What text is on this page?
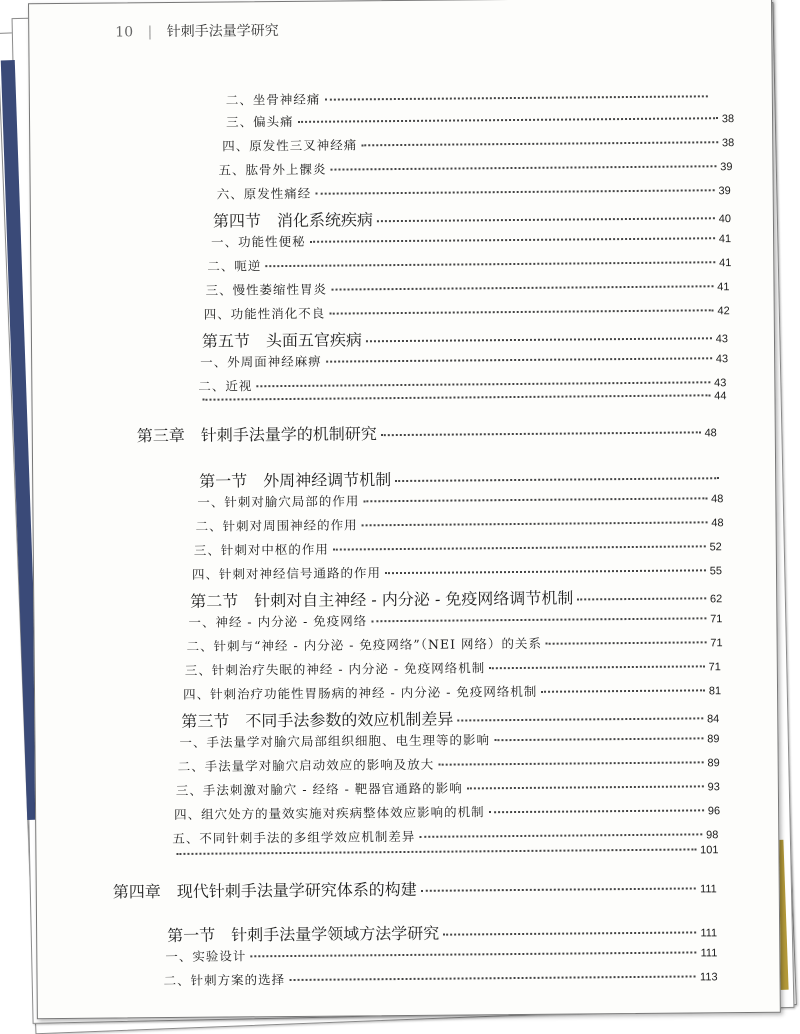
10 | 针刺手法量学研究
二、坐骨神经痛
三、偏头痛	38
四、原发性三叉神经痛	38
五、肱骨外上髁炎	39
六、原发性痛经	39
第四节　消化系统疾病	40
一、功能性便秘	41
二、呃逆	41
三、慢性萎缩性胃炎	41
四、功能性消化不良	42
第五节　头面五官疾病	43
一、外周面神经麻痹	43
二、近视	43
44
第三章　针刺手法量学的机制研究	48
第一节　外周神经调节机制
一、针刺对腧穴局部的作用	48
二、针刺对周围神经的作用	48
三、针刺对中枢的作用	52
四、针刺对神经信号通路的作用	55
第二节　针刺对自主神经 - 内分泌 - 免疫网络调节机制	62
一、神经 - 内分泌 - 免疫网络	71
二、针刺与“神经 - 内分泌 - 免疫网络”（NEI 网络）的关系	71
三、针刺治疗失眠的神经 - 内分泌 - 免疫网络机制	71
四、针刺治疗功能性胃肠病的神经 - 内分泌 - 免疫网络机制	81
第三节　不同手法参数的效应机制差异	84
一、手法量学对腧穴局部组织细胞、电生理等的影响	89
二、手法量学对腧穴启动效应的影响及放大	89
三、手法刺激对腧穴 - 经络 - 靶器官通路的影响	93
四、组穴处方的量效实施对疾病整体效应影响的机制	96
五、不同针刺手法的多组学效应机制差异	98
101
第四章　现代针刺手法量学研究体系的构建	111
第一节　针刺手法量学领域方法学研究	111
一、实验设计	111
二、针刺方案的选择	113
